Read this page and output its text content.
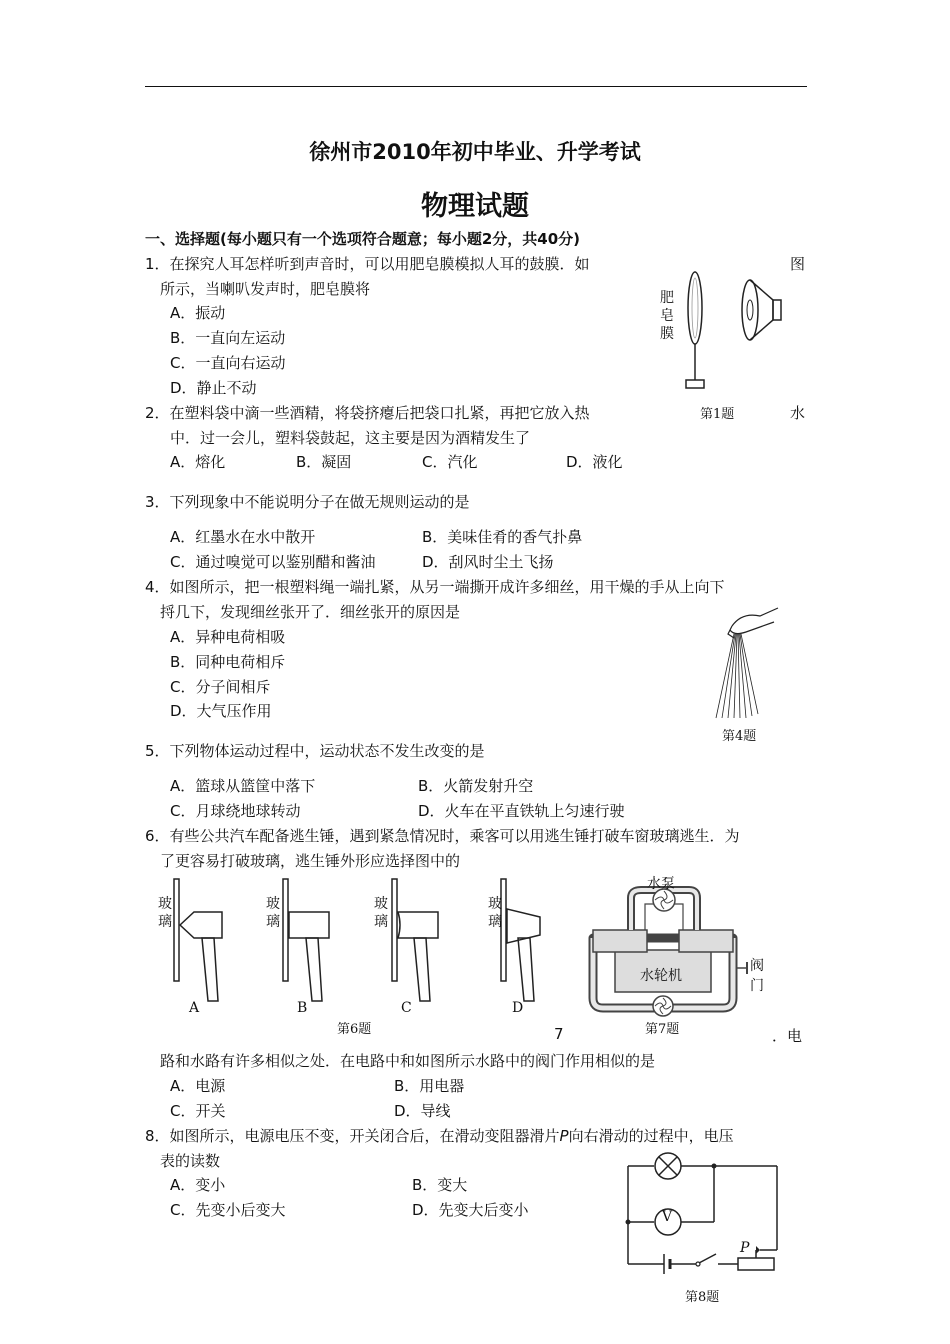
徐州市2010年初中毕业、升学考试
物理试题
一、选择题(每小题只有一个选项符合题意；每小题2分，共40分)
1．在探究人耳怎样听到声音时，可以用肥皂膜模拟人耳的鼓膜．如	图
所示，当喇叭发声时，肥皂膜将
A．振动
B．一直向左运动
C．一直向右运动
D．静止不动
肥
皂
膜
第1题
2．在塑料袋中滴一些酒精，将袋挤瘪后把袋口扎紧，再把它放入热	水
中．过一会儿，塑料袋鼓起，这主要是因为酒精发生了
A．熔化	B．凝固	C．汽化	D．液化
3．下列现象中不能说明分子在做无规则运动的是
A．红墨水在水中散开	B．美味佳肴的香气扑鼻
C．通过嗅觉可以鉴别醋和酱油	D．刮风时尘土飞扬
4．如图所示，把一根塑料绳一端扎紧，从另一端撕开成许多细丝，用干燥的手从上向下
捋几下，发现细丝张开了．细丝张开的原因是
A．异种电荷相吸
B．同种电荷相斥
C．分子间相斥
D．大气压作用
第4题
5．下列物体运动过程中，运动状态不发生改变的是
A．篮球从篮筐中落下	B．火箭发射升空
C．月球绕地球转动	D．火车在平直铁轨上匀速行驶
6．有些公共汽车配备逃生锤，遇到紧急情况时，乘客可以用逃生锤打破车窗玻璃逃生．为
了更容易打破玻璃，逃生锤外形应选择图中的
玻
璃
玻
璃
玻
璃
玻
璃
A	B	C	D
第6题
水泵
水轮机
阀
门
第7题
7	．电
路和水路有许多相似之处．在电路中和如图所示水路中的阀门作用相似的是
A．电源	B．用电器
C．开关	D．导线
8．如图所示，电源电压不变，开关闭合后，在滑动变阻器滑片P向右滑动的过程中，电压
表的读数
A．变小	B．变大
C．先变小后变大	D．先变大后变小	V
P
第8题
